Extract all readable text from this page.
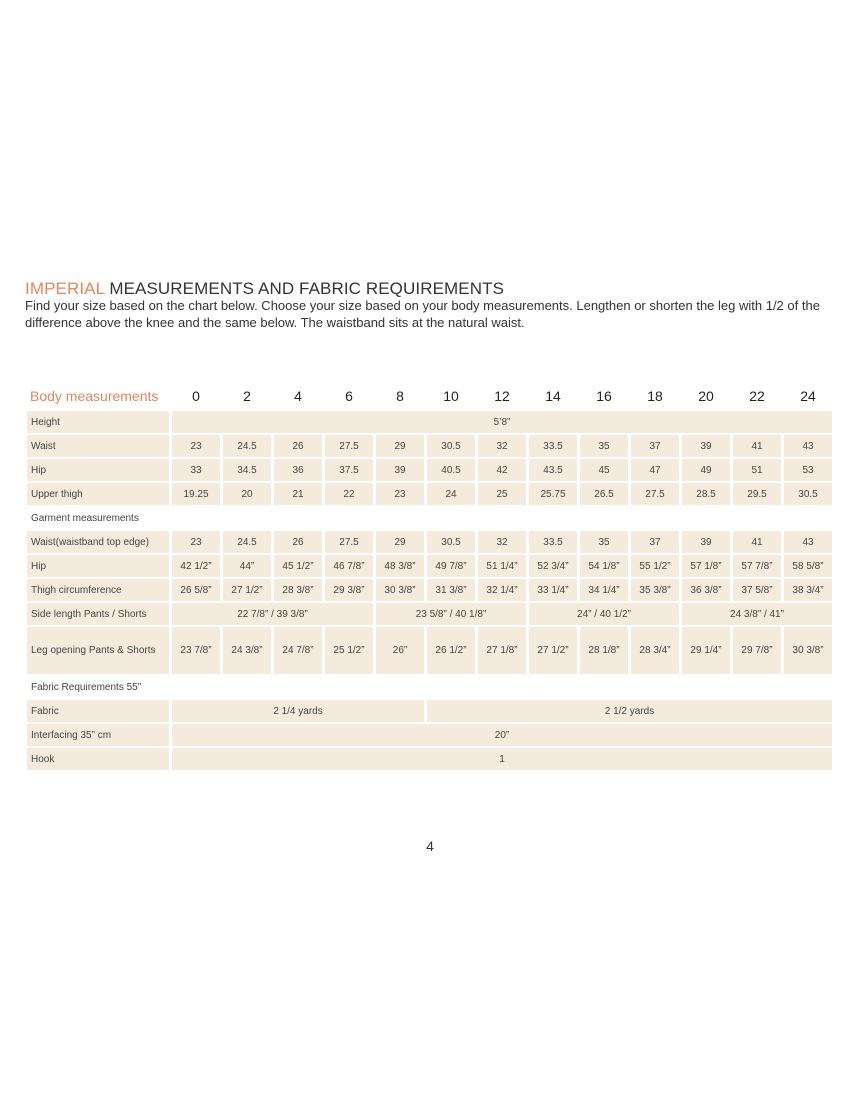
IMPERIAL MEASUREMENTS AND FABRIC REQUIREMENTS

Find your size based on the chart below. Choose your size based on your body measurements. Lengthen or shorten the leg with 1/2 of the difference above the knee and the same below. The waistband sits at the natural waist.

Body measurements	0	2	4	6	8	10	12	14	16	18	20	22	24
Height	5’8”												
Waist	23	24.5	26	27.5	29	30.5	32	33.5	35	37	39	41	43
Hip	33	34.5	36	37.5	39	40.5	42	43.5	45	47	49	51	53
Upper thigh	19.25	20	21	22	23	24	25	25.75	26.5	27.5	28.5	29.5	30.5
Garment measurements													
Waist(waistband top edge)	23	24.5	26	27.5	29	30.5	32	33.5	35	37	39	41	43
Hip	42 1/2”	44”	45 1/2”	46 7/8”	48 3/8”	49 7/8”	51 1/4”	52 3/4”	54 1/8”	55 1/2”	57 1/8”	57 7/8”	58 5/8”
Thigh circumference	26 5/8”	27 1/2”	28 3/8”	29 3/8”	30 3/8”	31 3/8”	32 1/4”	33 1/4”	34 1/4”	35 3/8”	36 3/8”	37 5/8”	38 3/4”
Side length Pants / Shorts	22 7/8” / 39 3/8”				23 5/8” / 40 1/8”			24” / 40 1/2”			24 3/8” / 41”		
Leg opening Pants & Shorts	23 7/8”	24 3/8”	24 7/8”	25 1/2”	26”	26 1/2”	27 1/8”	27 1/2”	28 1/8”	28 3/4”	29 1/4”	29 7/8”	30 3/8”
Fabric Requirements 55”													
Fabric	2 1/4 yards					2 1/2 yards							
Interfacing 35” cm	20”												
Hook	1												
4
